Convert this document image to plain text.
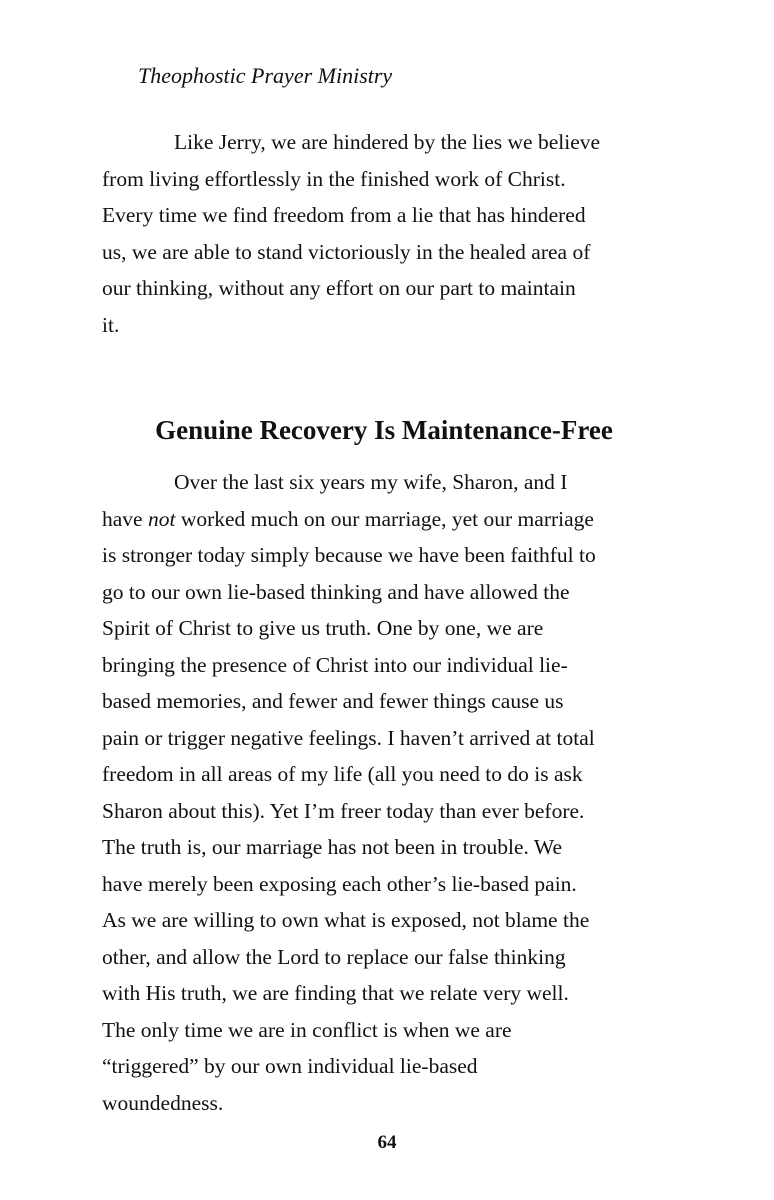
Theophostic Prayer Ministry
Like Jerry, we are hindered by the lies we believe
from living effortlessly in the finished work of Christ.
Every time we find freedom from a lie that has hindered
us, we are able to stand victoriously in the healed area of
our thinking, without any effort on our part to maintain
it.
Genuine Recovery Is Maintenance-Free
Over the last six years my wife, Sharon, and I
have not worked much on our marriage, yet our marriage
is stronger today simply because we have been faithful to
go to our own lie-based thinking and have allowed the
Spirit of Christ to give us truth. One by one, we are
bringing the presence of Christ into our individual lie-
based memories, and fewer and fewer things cause us
pain or trigger negative feelings. I haven’t arrived at total
freedom in all areas of my life (all you need to do is ask
Sharon about this). Yet I’m freer today than ever before.
The truth is, our marriage has not been in trouble. We
have merely been exposing each other’s lie-based pain.
As we are willing to own what is exposed, not blame the
other, and allow the Lord to replace our false thinking
with His truth, we are finding that we relate very well.
The only time we are in conflict is when we are
“triggered” by our own individual lie-based
woundedness.
64
